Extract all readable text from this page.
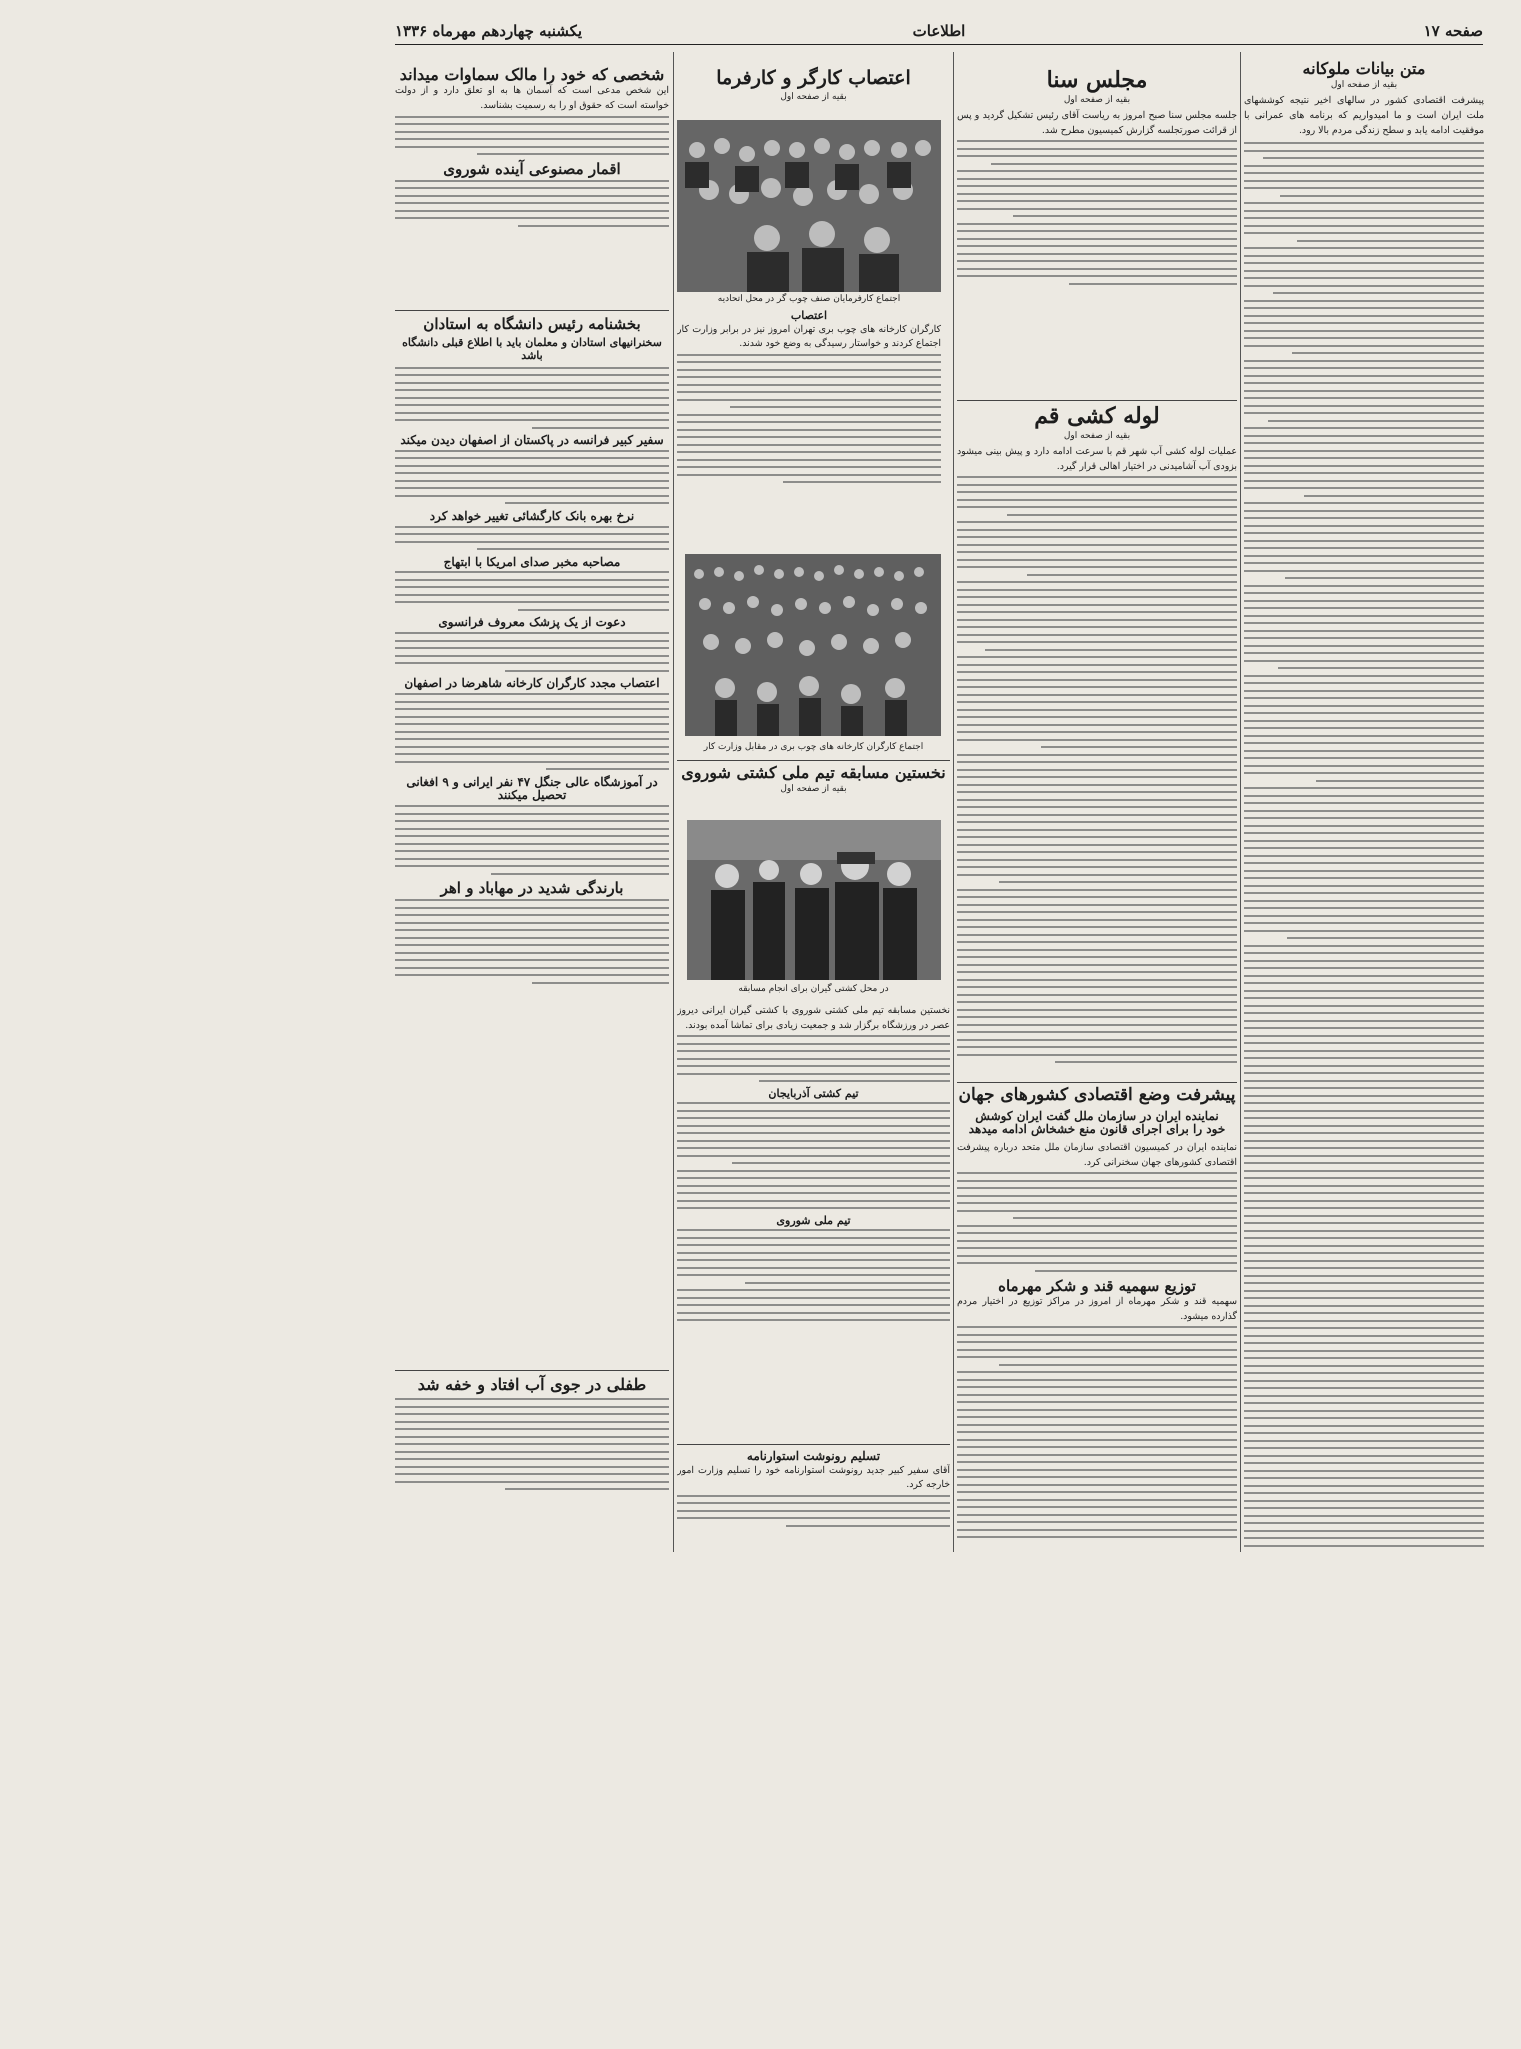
صفحه ۱۷
اطلاعات
یکشنبه چهاردهم مهرماه ۱۳۳۶
متن بیانات ملوکانه
بقیه از صفحه اول

پیشرفت اقتصادی کشور در سالهای اخیر نتیجه کوششهای ملت ایران است و ما امیدواریم که برنامه های عمرانی با موفقیت ادامه یابد و سطح زندگی مردم بالا رود.

مجلس سنا
بقیه از صفحه اول

جلسه مجلس سنا صبح امروز به ریاست آقای رئیس تشکیل گردید و پس از قرائت صورتجلسه گزارش کمیسیون مطرح شد.

لوله کشی قم
بقیه از صفحه اول

عملیات لوله کشی آب شهر قم با سرعت ادامه دارد و پیش بینی میشود بزودی آب آشامیدنی در اختیار اهالی قرار گیرد.

پیشرفت وضع اقتصادی کشورهای جهان
نماینده ایران در سازمان ملل گفت ایران کوشش خود را برای اجرای قانون منع خشخاش ادامه میدهد

نماینده ایران در کمیسیون اقتصادی سازمان ملل متحد درباره پیشرفت اقتصادی کشورهای جهان سخنرانی کرد.

توزیع سهمیه قند و شکر مهرماه

سهمیه قند و شکر مهرماه از امروز در مراکز توزیع در اختیار مردم گذارده میشود.

اعتصاب کارگر و کارفرما
بقیه از صفحه اول
اجتماع کارفرمایان صنف چوب گر در محل اتحادیه
اعتصاب

کارگران کارخانه های چوب بری تهران امروز نیز در برابر وزارت کار اجتماع کردند و خواستار رسیدگی به وضع خود شدند.

اجتماع کارگران کارخانه های چوب بری در مقابل وزارت کار
نخستین مسابقه تیم ملی کشتی شوروی
بقیه از صفحه اول
در محل کشتی گیران برای انجام مسابقه

نخستین مسابقه تیم ملی کشتی شوروی با کشتی گیران ایرانی دیروز عصر در ورزشگاه برگزار شد و جمعیت زیادی برای تماشا آمده بودند.

تیم کشتی آذربایجان
تیم ملی شوروی
تسلیم رونوشت استوارنامه

آقای سفیر کبیر جدید رونوشت استوارنامه خود را تسلیم وزارت امور خارجه کرد.

شخصی که خود را مالک سماوات میداند

این شخص مدعی است که آسمان ها به او تعلق دارد و از دولت خواسته است که حقوق او را به رسمیت بشناسد.

اقمار مصنوعی آینده شوروی
بخشنامه رئیس دانشگاه به استادان
سخنرانیهای استادان و معلمان باید با اطلاع قبلی دانشگاه باشد
سفیر کبیر فرانسه در پاکستان از اصفهان دیدن میکند
نرخ بهره بانک کارگشائی تغییر خواهد کرد
مصاحبه مخبر صدای امریکا با ابتهاج
دعوت از یک پزشک معروف فرانسوی
اعتصاب مجدد کارگران کارخانه شاهرضا در اصفهان
در آموزشگاه عالی جنگل ۴۷ نفر ایرانی و ۹ افغانی تحصیل میکنند
بارندگی شدید در مهاباد و اهر
طفلی در جوی آب افتاد و خفه شد
